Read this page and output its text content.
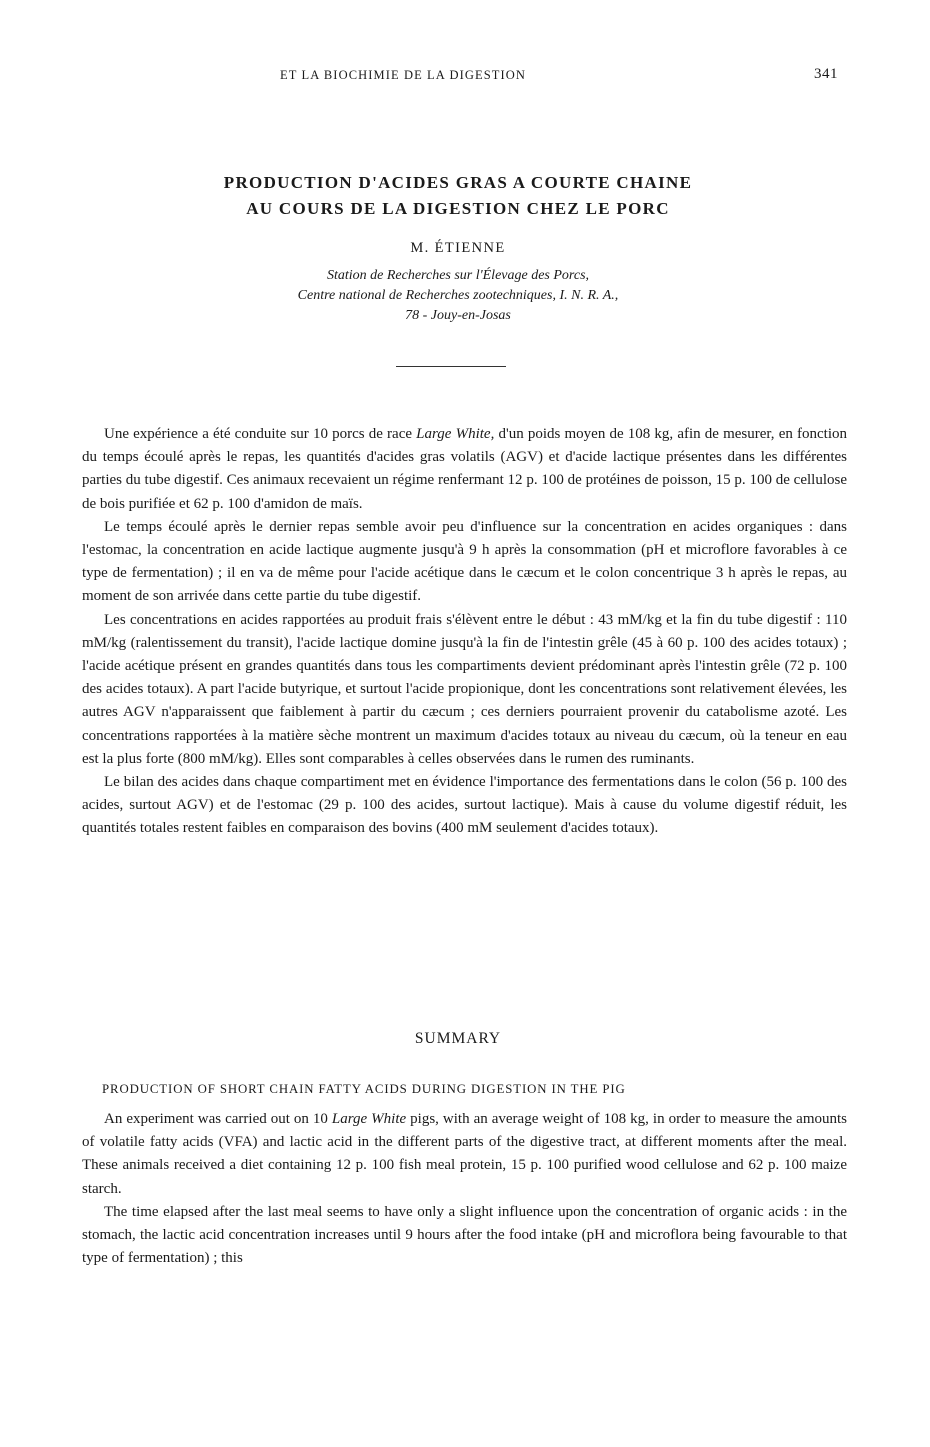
ET LA BIOCHIMIE DE LA DIGESTION	341
PRODUCTION D'ACIDES GRAS A COURTE CHAINE
AU COURS DE LA DIGESTION CHEZ LE PORC
M. ÉTIENNE
Station de Recherches sur l'Élevage des Porcs,
Centre national de Recherches zootechniques, I. N. R. A.,
78 - Jouy-en-Josas

Une expérience a été conduite sur 10 porcs de race Large White, d'un poids moyen de 108 kg, afin de mesurer, en fonction du temps écoulé après le repas, les quantités d'acides gras volatils (AGV) et d'acide lactique présentes dans les différentes parties du tube digestif. Ces animaux recevaient un régime renfermant 12 p. 100 de protéines de poisson, 15 p. 100 de cellulose de bois purifiée et 62 p. 100 d'amidon de maïs.

Le temps écoulé après le dernier repas semble avoir peu d'influence sur la concentration en acides organiques : dans l'estomac, la concentration en acide lactique augmente jusqu'à 9 h après la consommation (pH et microflore favorables à ce type de fermentation) ; il en va de même pour l'acide acétique dans le cæcum et le colon concentrique 3 h après le repas, au moment de son arrivée dans cette partie du tube digestif.

Les concentrations en acides rapportées au produit frais s'élèvent entre le début : 43 mM/kg et la fin du tube digestif : 110 mM/kg (ralentissement du transit), l'acide lactique domine jusqu'à la fin de l'intestin grêle (45 à 60 p. 100 des acides totaux) ; l'acide acétique présent en grandes quantités dans tous les compartiments devient prédominant après l'intestin grêle (72 p. 100 des acides totaux). A part l'acide butyrique, et surtout l'acide propionique, dont les concentrations sont relativement élevées, les autres AGV n'apparaissent que faiblement à partir du cæcum ; ces derniers pourraient provenir du catabolisme azoté. Les concentrations rapportées à la matière sèche montrent un maximum d'acides totaux au niveau du cæcum, où la teneur en eau est la plus forte (800 mM/kg). Elles sont comparables à celles observées dans le rumen des ruminants.

Le bilan des acides dans chaque compartiment met en évidence l'importance des fermentations dans le colon (56 p. 100 des acides, surtout AGV) et de l'estomac (29 p. 100 des acides, surtout lactique). Mais à cause du volume digestif réduit, les quantités totales restent faibles en comparaison des bovins (400 mM seulement d'acides totaux).

SUMMARY
PRODUCTION OF SHORT CHAIN FATTY ACIDS DURING DIGESTION IN THE PIG

An experiment was carried out on 10 Large White pigs, with an average weight of 108 kg, in order to measure the amounts of volatile fatty acids (VFA) and lactic acid in the different parts of the digestive tract, at different moments after the meal. These animals received a diet containing 12 p. 100 fish meal protein, 15 p. 100 purified wood cellulose and 62 p. 100 maize starch.

The time elapsed after the last meal seems to have only a slight influence upon the concentration of organic acids : in the stomach, the lactic acid concentration increases until 9 hours after the food intake (pH and microflora being favourable to that type of fermentation) ; this
